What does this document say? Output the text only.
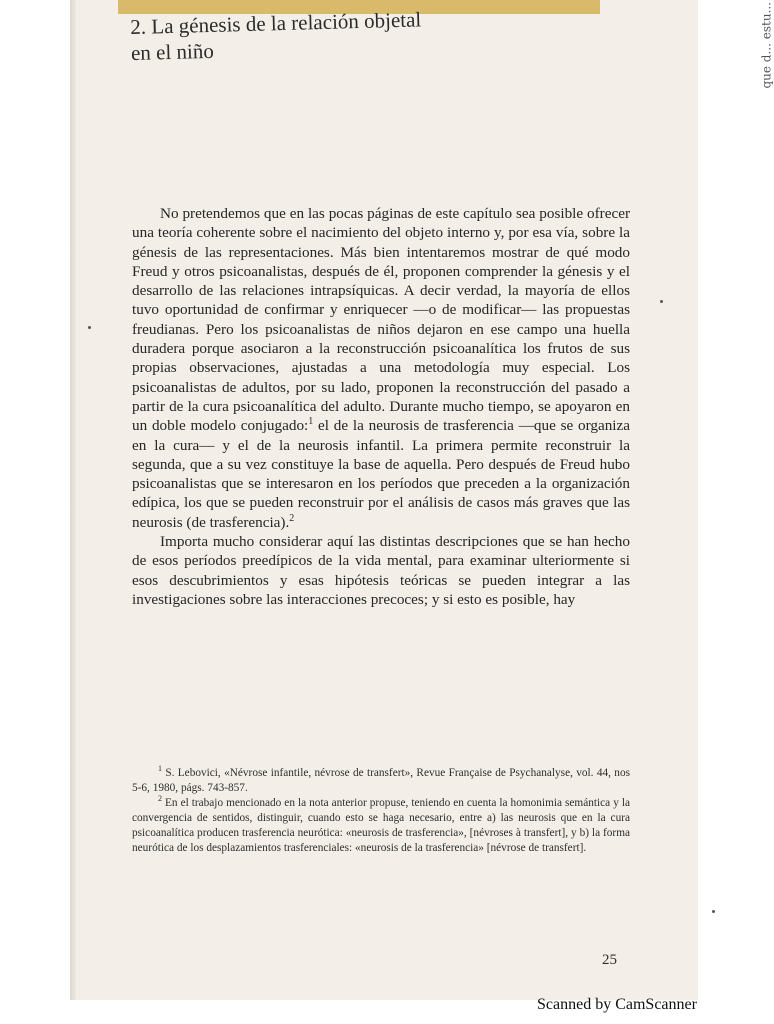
que d... estu...
2. La génesis de la relación objetal
en el niño

No pretendemos que en las pocas páginas de este capítulo sea posible ofrecer una teoría coherente sobre el nacimiento del objeto interno y, por esa vía, sobre la génesis de las representaciones. Más bien intentaremos mostrar de qué modo Freud y otros psicoanalistas, después de él, proponen comprender la génesis y el desarrollo de las relaciones intrapsíquicas. A decir verdad, la mayoría de ellos tuvo oportunidad de confirmar y enriquecer —o de modificar— las propuestas freudianas. Pero los psicoanalistas de niños dejaron en ese campo una huella duradera porque asociaron a la reconstrucción psicoanalítica los frutos de sus propias observaciones, ajustadas a una metodología muy especial. Los psicoanalistas de adultos, por su lado, proponen la reconstrucción del pasado a partir de la cura psicoanalítica del adulto. Durante mucho tiempo, se apoyaron en un doble modelo conjugado:$^1$ el de la neurosis de trasferencia —que se organiza en la cura— y el de la neurosis infantil. La primera permite reconstruir la segunda, que a su vez constituye la base de aquella. Pero después de Freud hubo psicoanalistas que se interesaron en los períodos que preceden a la organización edípica, los que se pueden reconstruir por el análisis de casos más graves que las neurosis (de trasferencia).$^2$

Importa mucho considerar aquí las distintas descripciones que se han hecho de esos períodos preedípicos de la vida mental, para examinar ulteriormente si esos descubrimientos y esas hipótesis teóricas se pueden integrar a las investigaciones sobre las interacciones precoces; y si esto es posible, hay

$^1$ S. Lebovici, «Névrose infantile, névrose de transfert», Revue Française de Psychanalyse, vol. 44, nos 5-6, 1980, págs. 743-857.

$^2$ En el trabajo mencionado en la nota anterior propuse, teniendo en cuenta la homonimia semántica y la convergencia de sentidos, distinguir, cuando esto se haga necesario, entre a) las neurosis que en la cura psicoanalítica producen trasferencia neurótica: «neurosis de trasferencia», [névroses à transfert], y b) la forma neurótica de los desplazamientos trasferenciales: «neurosis de la trasferencia» [névrose de transfert].

25
Scanned by CamScanner
